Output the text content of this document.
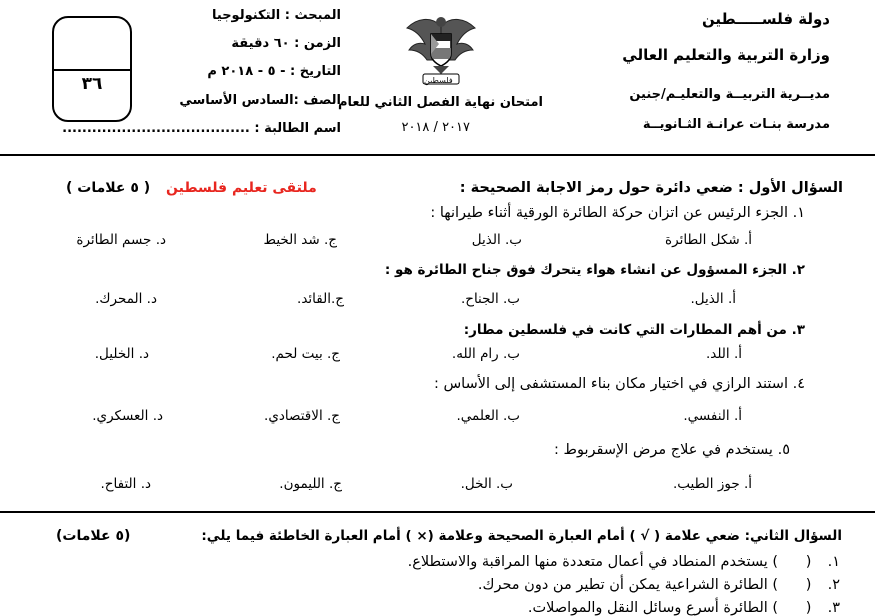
دولة فلســـــطين
وزارة التربية والتعليم العالي
مديــرية التربيــة والتعليـم/جنين
مدرسة بنـات عرانـة الثـانويــة
فلسطين
امتحان نهاية الفصل الثاني للعام
٢٠١٧ / ٢٠١٨
المبحث : التكنولوجيا
الزمن : ٦٠ دقيقة
التاريخ : - ٥ - ٢٠١٨ م
الصف :السادس الأساسي
اسم الطالبة : ......................................
٣٦
السؤال الأول : ضعي دائرة حول رمز الاجابة الصحيحة :
ملتقى تعليم فلسطين
( ٥ علامات )
١. الجزء الرئيس عن اتزان حركة الطائرة الورقية أثناء طيرانها :
أ. شكل الطائرة
ب. الذيل
ج. شد الخيط
د. جسم الطائرة
٢. الجزء المسؤول عن انشاء هواء يتحرك فوق جناح الطائرة هو :
أ. الذيل.
ب. الجناح.
ج.القائد.
د. المحرك.
٣. من أهم المطارات التي كانت في فلسطين مطار:
أ. اللد.
ب. رام الله.
ج. بيت لحم.
د. الخليل.
٤. استند الرازي في اختيار مكان بناء المستشفى إلى الأساس :
أ. النفسي.
ب. العلمي.
ج. الاقتصادي.
د. العسكري.
٥. يستخدم في علاج مرض الإسقربوط :
أ. جوز الطيب.
ب. الخل.
ج. الليمون.
د. التفاح.
السؤال الثاني: ضعي علامة ( √ ) أمام العبارة الصحيحة وعلامة (× ) أمام العبارة الخاطئة فيما يلي:
(٥ علامات)
١. (      ) يستخدم المنطاد في أعمال متعددة منها المراقبة والاستطلاع.
٢. (      ) الطائرة الشراعية يمكن أن تطير من دون محرك.
٣. (      ) الطائرة أسرع وسائل النقل والمواصلات.
